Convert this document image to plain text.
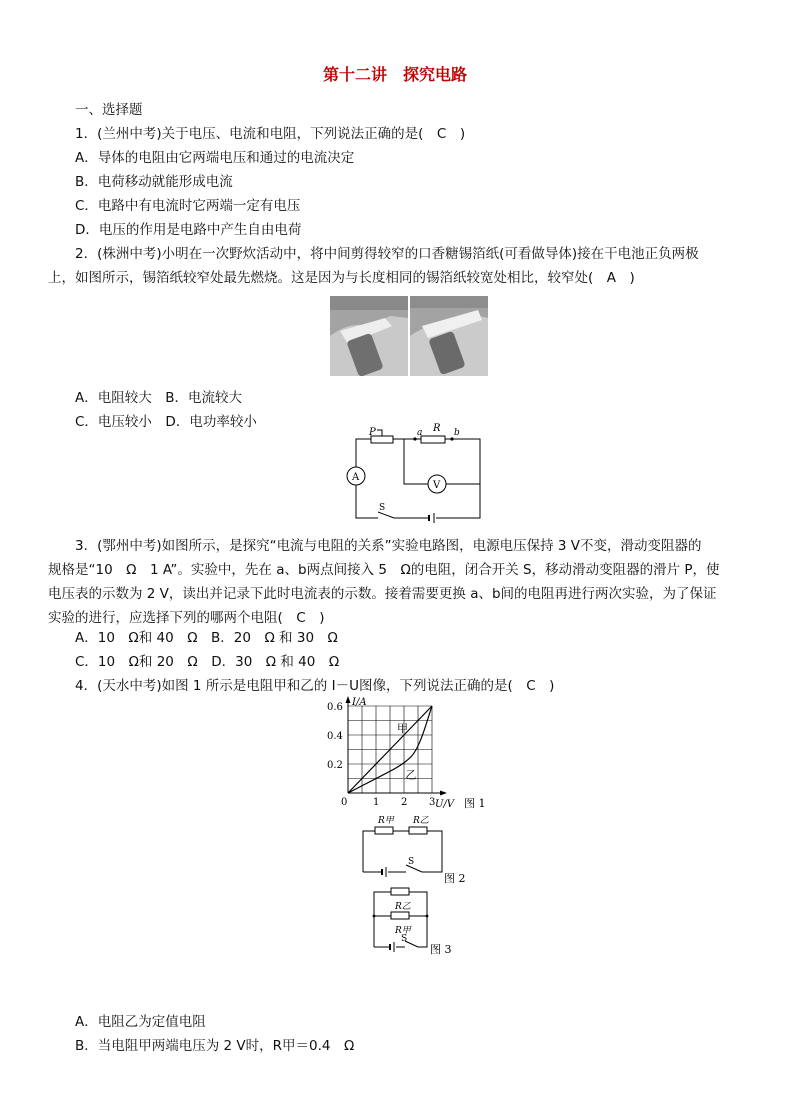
第十二讲　探究电路
一、选择题
1．(兰州中考)关于电压、电流和电阻，下列说法正确的是(　C　)
A．导体的电阻由它两端电压和通过的电流决定
B．电荷移动就能形成电流
C．电路中有电流时它两端一定有电压
D．电压的作用是电路中产生自由电荷
2．(株洲中考)小明在一次野炊活动中，将中间剪得较窄的口香糖锡箔纸(可看做导体)接在干电池正负两极
上，如图所示，锡箔纸较窄处最先燃烧。这是因为与长度相同的锡箔纸较宽处相比，较窄处(　A　)
A．电阻较大　B．电流较大
C．电压较小　D．电功率较小
P	a R b
A
V
S
3．(鄂州中考)如图所示，是探究“电流与电阻的关系”实验电路图，电源电压保持 3 V不变，滑动变阻器的
规格是“10　Ω　1 A”。实验中，先在 a、b两点间接入 5　Ω的电阻，闭合开关 S，移动滑动变阻器的滑片 P，使
电压表的示数为 2 V，读出并记录下此时电流表的示数。接着需要更换 a、b间的电阻再进行两次实验，为了保证
实验的进行，应选择下列的哪两个电阻(　C　)
A．10　Ω和 40　Ω　B．20　Ω 和 30　Ω
C．10　Ω和 20　Ω　D．30　Ω 和 40　Ω
4．(天水中考)如图 1 所示是电阻甲和乙的 I－U图像，下列说法正确的是(　C　)
甲
乙
1 2 3
0.2
0.4
0.6 I/A
U/V
0	图 1
R甲 R乙
S
图 2
R乙
R甲
S
图 3
A．电阻乙为定值电阻
B．当电阻甲两端电压为 2 V时，R甲＝0.4　Ω
